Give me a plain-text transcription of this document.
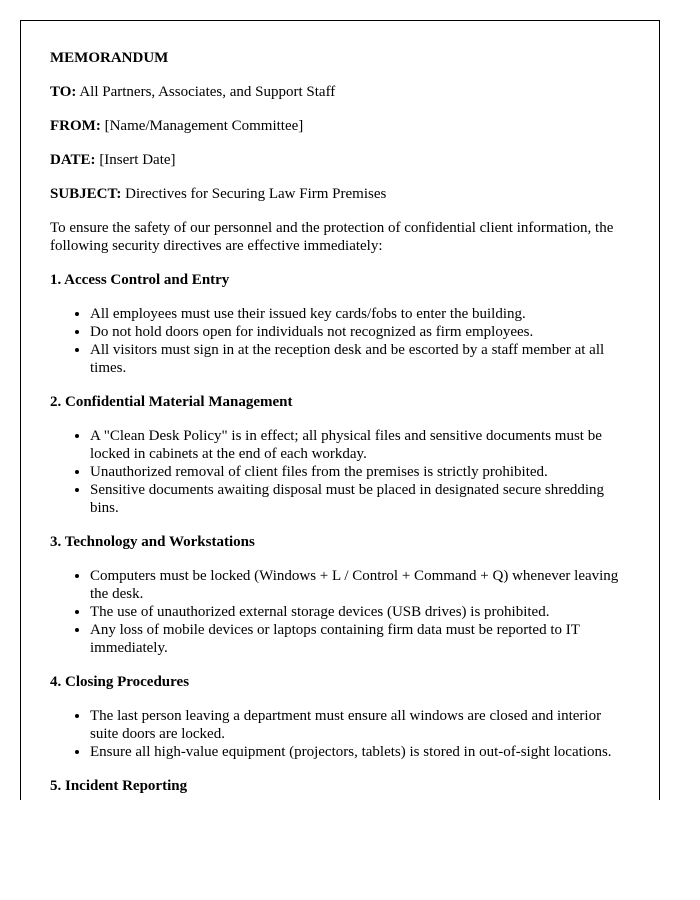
MEMORANDUM
TO: All Partners, Associates, and Support Staff
FROM: [Name/Management Committee]
DATE: [Insert Date]
SUBJECT: Directives for Securing Law Firm Premises

To ensure the safety of our personnel and the protection of confidential client information, the following security directives are effective immediately:

1. Access Control and Entry
• All employees must use their issued key cards/fobs to enter the building.
• Do not hold doors open for individuals not recognized as firm employees.
• All visitors must sign in at the reception desk and be escorted by a staff member at all times.
2. Confidential Material Management
• A "Clean Desk Policy" is in effect; all physical files and sensitive documents must be locked in cabinets at the end of each workday.
• Unauthorized removal of client files from the premises is strictly prohibited.
• Sensitive documents awaiting disposal must be placed in designated secure shredding bins.
3. Technology and Workstations
• Computers must be locked (Windows + L / Control + Command + Q) whenever leaving the desk.
• The use of unauthorized external storage devices (USB drives) is prohibited.
• Any loss of mobile devices or laptops containing firm data must be reported to IT immediately.
4. Closing Procedures
• The last person leaving a department must ensure all windows are closed and interior suite doors are locked.
• Ensure all high-value equipment (projectors, tablets) is stored in out-of-sight locations.
5. Incident Reporting
